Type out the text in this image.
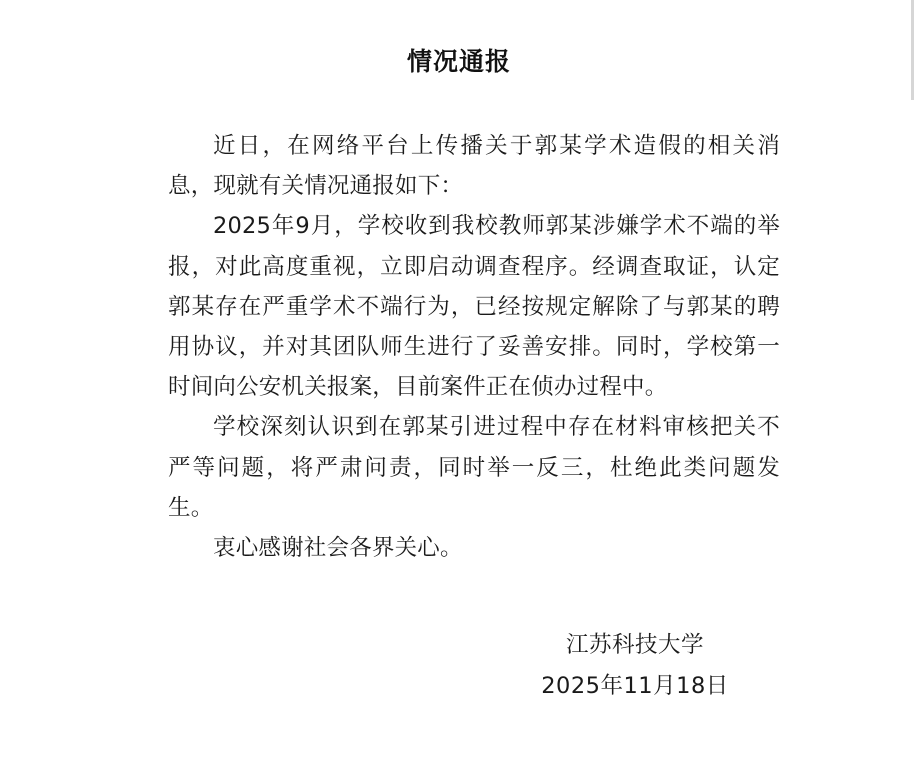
情况通报

近日，在网络平台上传播关于郭某学术造假的相关消息，现就有关情况通报如下：

2025年9月，学校收到我校教师郭某涉嫌学术不端的举报，对此高度重视，立即启动调查程序。经调查取证，认定郭某存在严重学术不端行为，已经按规定解除了与郭某的聘用协议，并对其团队师生进行了妥善安排。同时，学校第一时间向公安机关报案，目前案件正在侦办过程中。

学校深刻认识到在郭某引进过程中存在材料审核把关不严等问题，将严肃问责，同时举一反三，杜绝此类问题发生。

衷心感谢社会各界关心。

江苏科技大学
2025年11月18日
